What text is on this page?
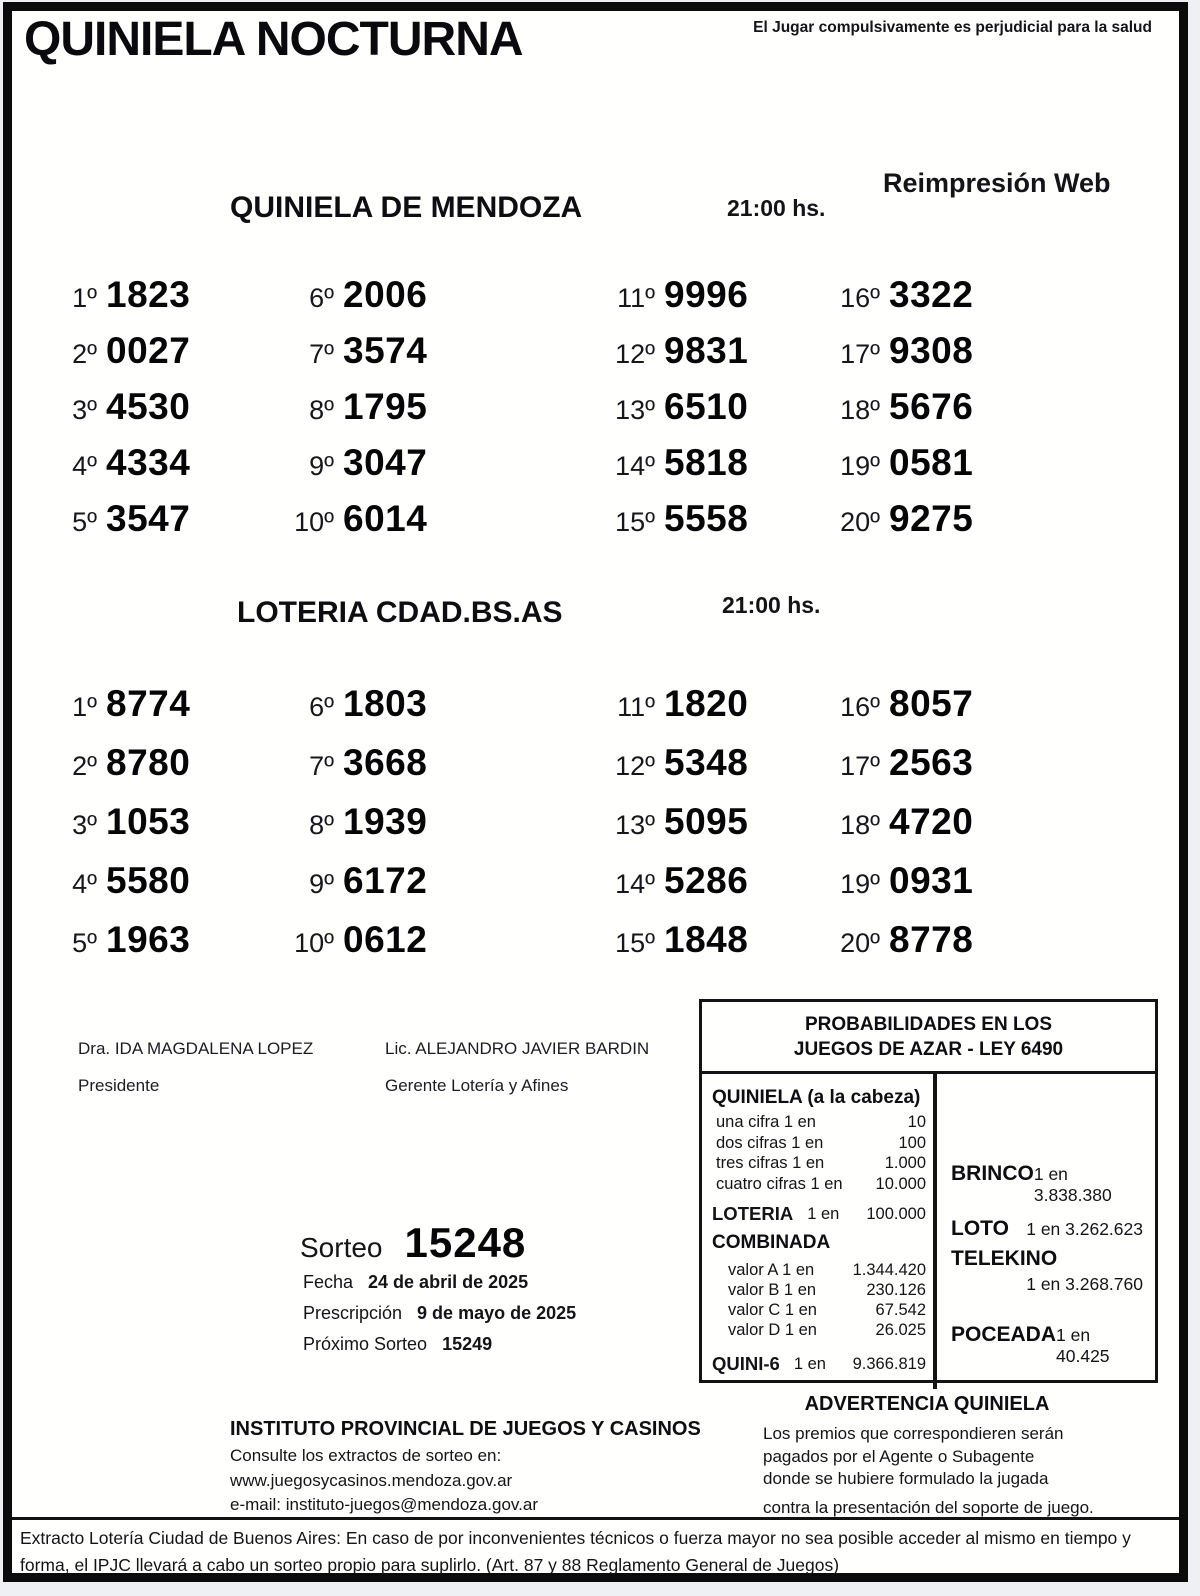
QUINIELA NOCTURNA	El Jugar compulsivamente es perjudicial para la salud
QUINIELA DE MENDOZA	21:00 hs.
Reimpresión Web
1º 1823
2º 0027
3º 4530
4º 4334
5º 3547
6º 2006
7º 3574
8º 1795
9º 3047
10º 6014
11º 9996
12º 9831
13º 6510
14º 5818
15º 5558
16º 3322
17º 9308
18º 5676
19º 0581
20º 9275
LOTERIA CDAD.BS.AS	21:00 hs.
1º 8774
2º 8780
3º 1053
4º 5580
5º 1963
6º 1803
7º 3668
8º 1939
9º 6172
10º 0612
11º 1820
12º 5348
13º 5095
14º 5286
15º 1848
16º 8057
17º 2563
18º 4720
19º 0931
20º 8778
Dra. IDA MAGDALENA LOPEZ
Presidente
Lic. ALEJANDRO JAVIER BARDIN
Gerente Lotería y Afines
PROBABILIDADES EN LOS
JUEGOS DE AZAR - LEY 6490
QUINIELA (a la cabeza)
una cifra 1 en	10
dos cifras 1 en	100
tres cifras 1 en	1.000
cuatro cifras 1 en 10.000
LOTERIA 1 en 100.000
COMBINADA
valor A 1 en 1.344.420
valor B 1 en	230.126
valor C 1 en	67.542
valor D 1 en	26.025
QUINI-6 1 en 9.366.819
BRINCO 1 en 3.838.380
LOTO 1 en 3.262.623
TELEKINO
1 en 3.268.760
POCEADA 1 en 40.425
Sorteo 15248
Fecha 24 de abril de 2025
Prescripción 9 de mayo de 2025
Próximo Sorteo 15249
INSTITUTO PROVINCIAL DE JUEGOS Y CASINOS
Consulte los extractos de sorteo en:
www.juegosycasinos.mendoza.gov.ar
e-mail: instituto-juegos@mendoza.gov.ar
ADVERTENCIA QUINIELA
Los premios que correspondieren serán
pagados por el Agente o Subagente
donde se hubiere formulado la jugada
contra la presentación del soporte de juego.
Extracto Lotería Ciudad de Buenos Aires: En caso de por inconvenientes técnicos o fuerza mayor no sea posible acceder al mismo en tiempo y forma, el IPJC llevará a cabo un sorteo propio para suplirlo. (Art. 87 y 88 Reglamento General de Juegos)
